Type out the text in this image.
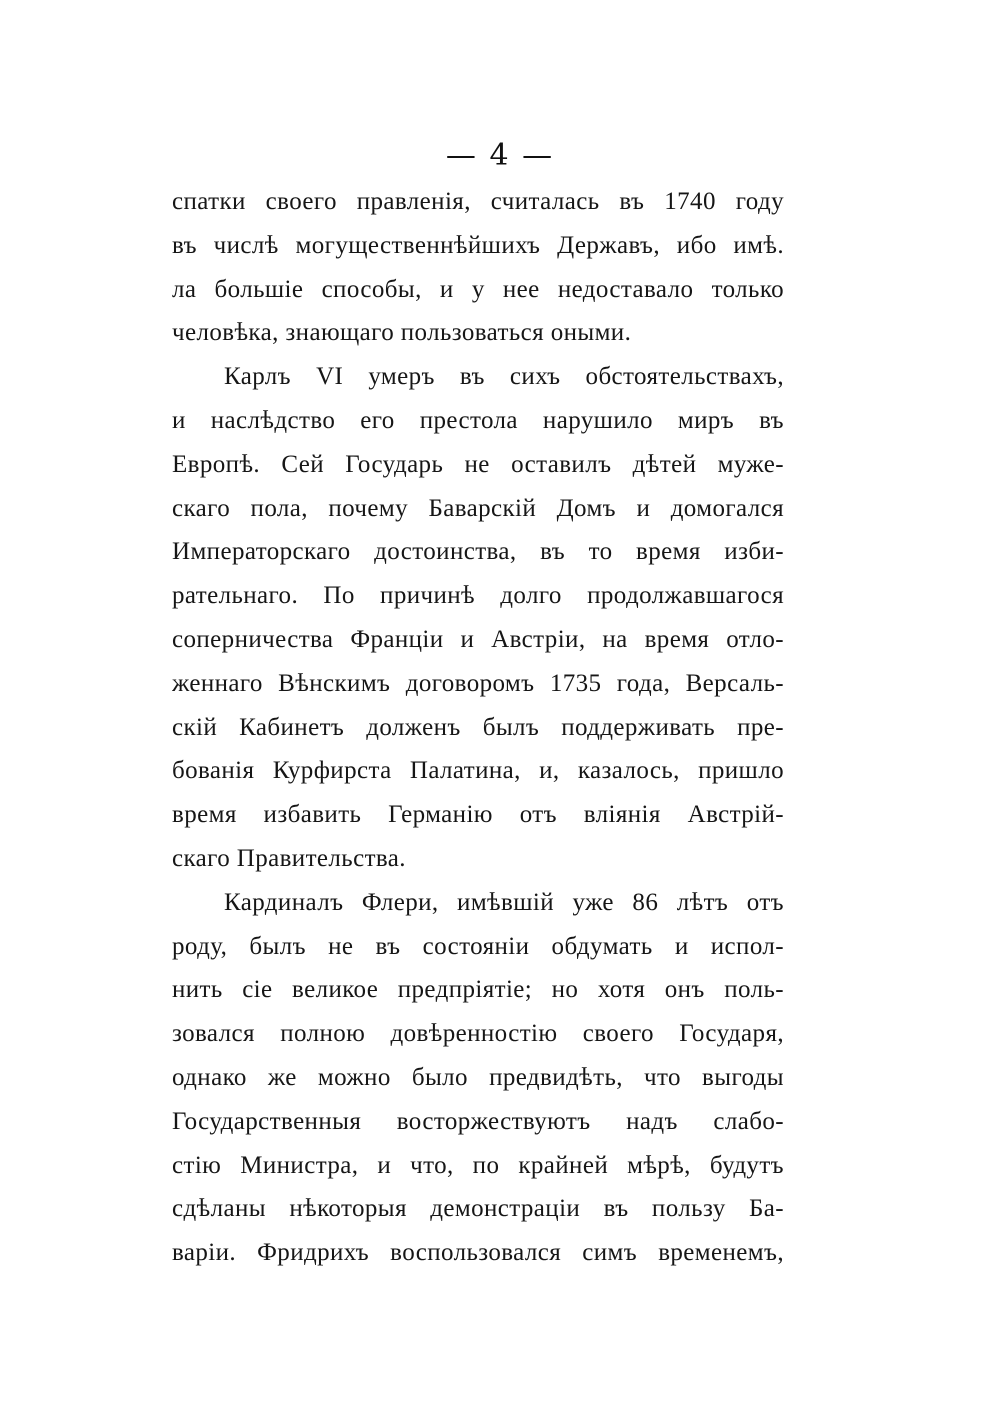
— 4 —
спатки своего правленія, считалась въ 1740 году
въ числѣ могущественнѣйшихъ Державъ, ибо имѣ.
ла большіе способы, и у нее недоставало только
человѣка, знающаго пользоваться оными.
Карлъ VI умеръ въ сихъ обстоятельствахъ,
и наслѣдство его престола нарушило миръ въ
Европѣ. Сей Государь не оставилъ дѣтей муже-
скаго пола, почему Баварскій Домъ и домогался
Императорскаго достоинства, въ то время изби-
рательнаго. По причинѣ долго продолжавшагося
соперничества Франціи и Австріи, на время отло-
женнаго Вѣнскимъ договоромъ 1735 года, Версаль-
скій Кабинетъ долженъ былъ поддерживать пре-
бованія Курфирста Палатина, и, казалось, пришло
время избавить Германію отъ вліянія Австрій-
скаго Правительства.
Кардиналъ Флери, имѣвшій уже 86 лѣтъ отъ
роду, былъ не въ состояніи обдумать и испол-
нить сіе великое предпріятіе; но хотя онъ поль-
зовался полною довѣренностію своего Государя,
однако же можно было предвидѣть, что выгоды
Государственныя восторжествуютъ надъ слабо-
стію Министра, и что, по крайней мѣрѣ, будутъ
сдѣланы нѣкоторыя демонстраціи въ пользу Ба-
варіи. Фридрихъ воспользовался симъ временемъ,
